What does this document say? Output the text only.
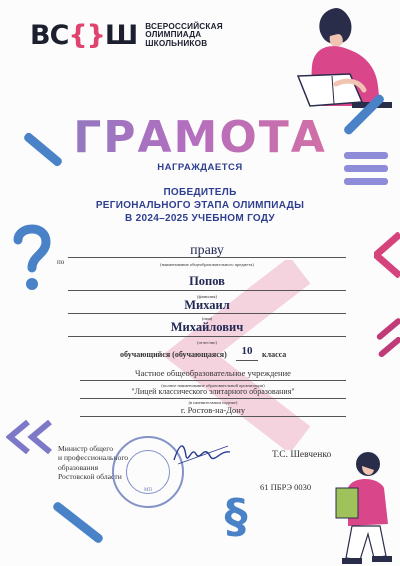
ВС{}Ш ВСЕРОССИЙСКАЯ
ОЛИМПИАДА
ШКОЛЬНИКОВ
ГРАМОТА
НАГРАЖДАЕТСЯ
ПОБЕДИТЕЛЬ
РЕГИОНАЛЬНОГО ЭТАПА ОЛИМПИАДЫ
В 2024–2025 УЧЕБНОМ ГОДУ
§
по
праву
(наименование общеобразовательного предмета)
Попов
(фамилия)
Михаил
(имя)
Михайлович
(отчество)
обучающийся (обучающаяся)	10	класса
Частное общеобразовательное учреждение
(полное наименование образовательной организации)
"Лицей классического элитарного образования"
(в именительном падеже)
г. Ростов-на-Дону
Министр общего
и профессионального
образования
Ростовской области
МП
Т.С. Шевченко
61 ПБРЭ 0030
